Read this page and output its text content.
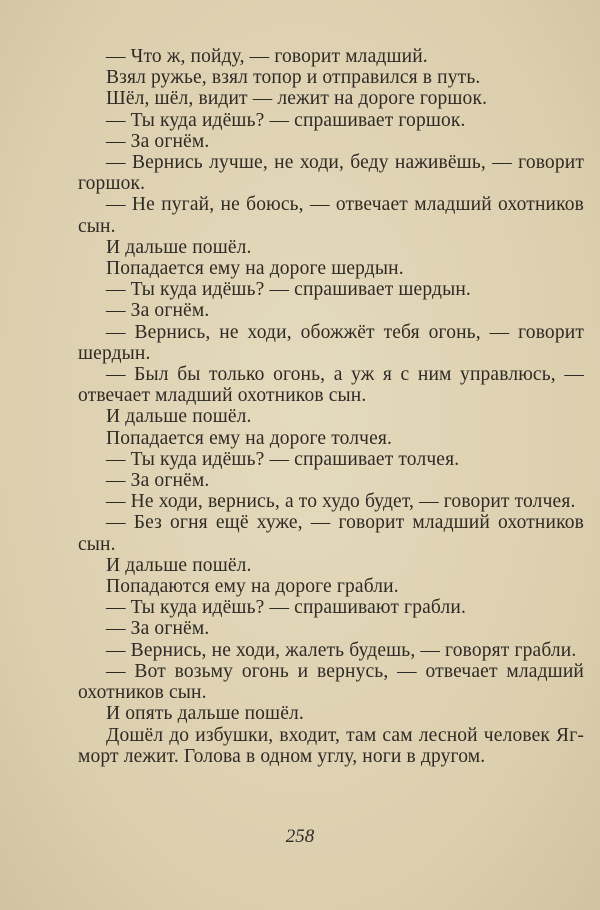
— Что ж, пойду, — говорит младший.

Взял ружье, взял топор и отправился в путь.

Шёл, шёл, видит — лежит на дороге горшок.

— Ты куда идёшь? — спрашивает горшок.

— За огнём.

— Вернись лучше, не ходи, беду наживёшь, — говорит горшок.

— Не пугай, не боюсь, — отвечает младший охотников сын.

И дальше пошёл.

Попадается ему на дороге шердын.

— Ты куда идёшь? — спрашивает шердын.

— За огнём.

— Вернись, не ходи, обожжёт тебя огонь, — говорит шердын.

— Был бы только огонь, а уж я с ним управлюсь, — отвечает младший охотников сын.

И дальше пошёл.

Попадается ему на дороге толчея.

— Ты куда идёшь? — спрашивает толчея.

— За огнём.

— Не ходи, вернись, а то худо будет, — говорит толчея.

— Без огня ещё хуже, — говорит младший охотников сын.

И дальше пошёл.

Попадаются ему на дороге грабли.

— Ты куда идёшь? — спрашивают грабли.

— За огнём.

— Вернись, не ходи, жалеть будешь, — говорят грабли.

— Вот возьму огонь и вернусь, — отвечает младший охотников сын.

И опять дальше пошёл.

Дошёл до избушки, входит, там сам лесной человек Яг-морт лежит. Голова в одном углу, ноги в другом.

258
